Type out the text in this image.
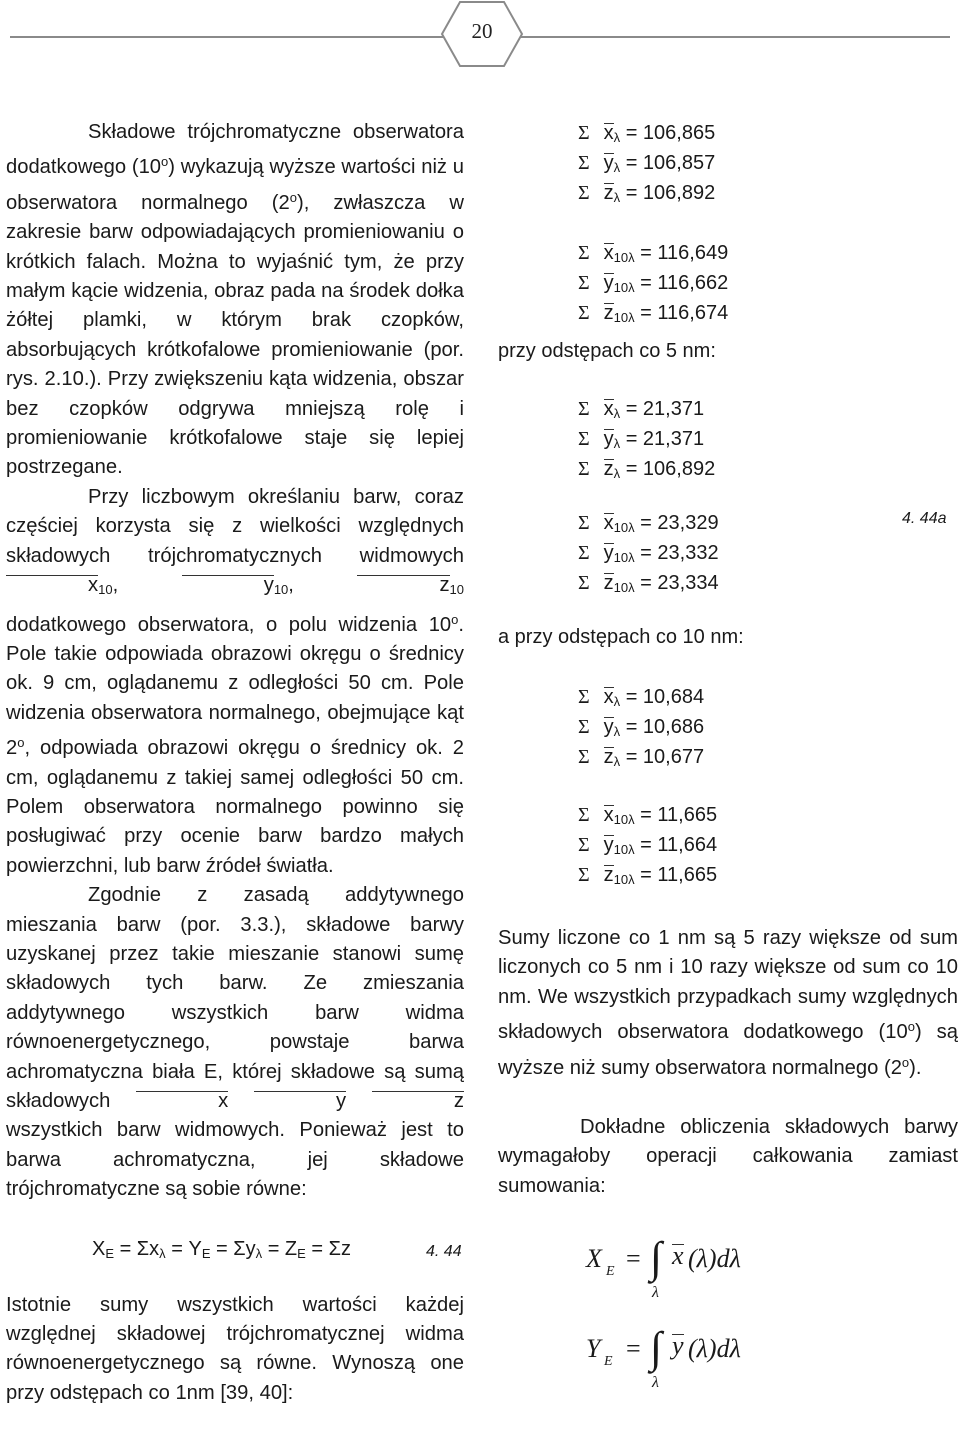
20

Składowe trójchromatyczne obserwatora dodatkowego (10$^o$) wykazują wyższe wartości niż u obserwatora normalnego (2$^o$), zwłaszcza w zakresie barw odpowiadających promieniowaniu o krótkich falach. Można to wyjaśnić tym, że przy małym kącie widzenia, obraz pada na środek dołka żółtej plamki, w którym brak czopków, absorbujących krótkofalowe promieniowanie (por. rys. 2.10.). Przy zwiększeniu kąta widzenia, obszar bez czopków odgrywa mniejszą rolę i promieniowanie krótkofalowe staje się lepiej postrzegane.

Przy liczbowym określaniu barw, coraz częściej korzysta się z wielkości względnych składowych trójchromatycznych widmowych $x_{10}$,	$y_{10}$,	$z_{10}$ dodatkowego obserwatora, o polu widzenia 10$^o$. Pole takie odpowiada obrazowi okręgu o średnicy ok. 9 cm, oglądanemu z odległości 50 cm. Pole widzenia obserwatora normalnego, obejmujące kąt 2$^o$, odpowiada obrazowi okręgu o średnicy ok. 2 cm, oglądanemu z takiej samej odległości 50 cm. Polem obserwatora normalnego powinno się posługiwać przy ocenie barw bardzo małych powierzchni, lub barw źródeł światła.

Zgodnie z zasadą addytywnego mieszania barw (por. 3.3.), składowe barwy uzyskanej przez takie mieszanie stanowi sumę składowych tych barw. Ze zmieszania addytywnego wszystkich barw widma równoenergetycznego, powstaje barwa achromatyczna biała E, której składowe są sumą składowych	x	y	z wszystkich barw widmowych. Ponieważ jest to barwa achromatyczna, jej składowe trójchromatyczne są sobie równe:

$X_E = \Sigma x_\lambda = Y_E = \Sigma y_\lambda = Z_E = \Sigma z$	4. 44

Istotnie sumy wszystkich wartości każdej względnej składowej trójchromatycznej widma równoenergetycznego są równe. Wynoszą one przy odstępach co 1nm [39, 40]:

Σ $x_\lambda = 106,865$
Σ $y_\lambda = 106,857$
Σ $z_\lambda = 106,892$
Σ $x_{10\lambda} = 116,649$
Σ $y_{10\lambda} = 116,662$
Σ $z_{10\lambda} = 116,674$
przy odstępach co 5 nm:
Σ $x_\lambda = 21,371$
Σ $y_\lambda = 21,371$
Σ $z_\lambda = 106,892$
Σ $x_{10\lambda} = 23,329$
Σ $y_{10\lambda} = 23,332$
Σ $z_{10\lambda} = 23,334$
a przy odstępach co 10 nm:
Σ $x_\lambda = 10,684$
Σ $y_\lambda = 10,686$
Σ $z_\lambda = 10,677$
Σ $x_{10\lambda} = 11,665$
Σ $y_{10\lambda} = 11,664$
Σ $z_{10\lambda} = 11,665$

Sumy liczone co 1 nm są 5 razy większe od sum liczonych co 5 nm i 10 razy większe od sum co 10 nm. We wszystkich przypadkach sumy względnych składowych obserwatora dodatkowego (10$^o$) są wyższe niż sumy obserwatora normalnego (2$^o$).

Dokładne obliczenia składowych barwy wymagałoby operacji całkowania zamiast sumowania:

4. 44a
X E = ∫
λ
x (λ)dλ
Y E = ∫
λ
y (λ)dλ
